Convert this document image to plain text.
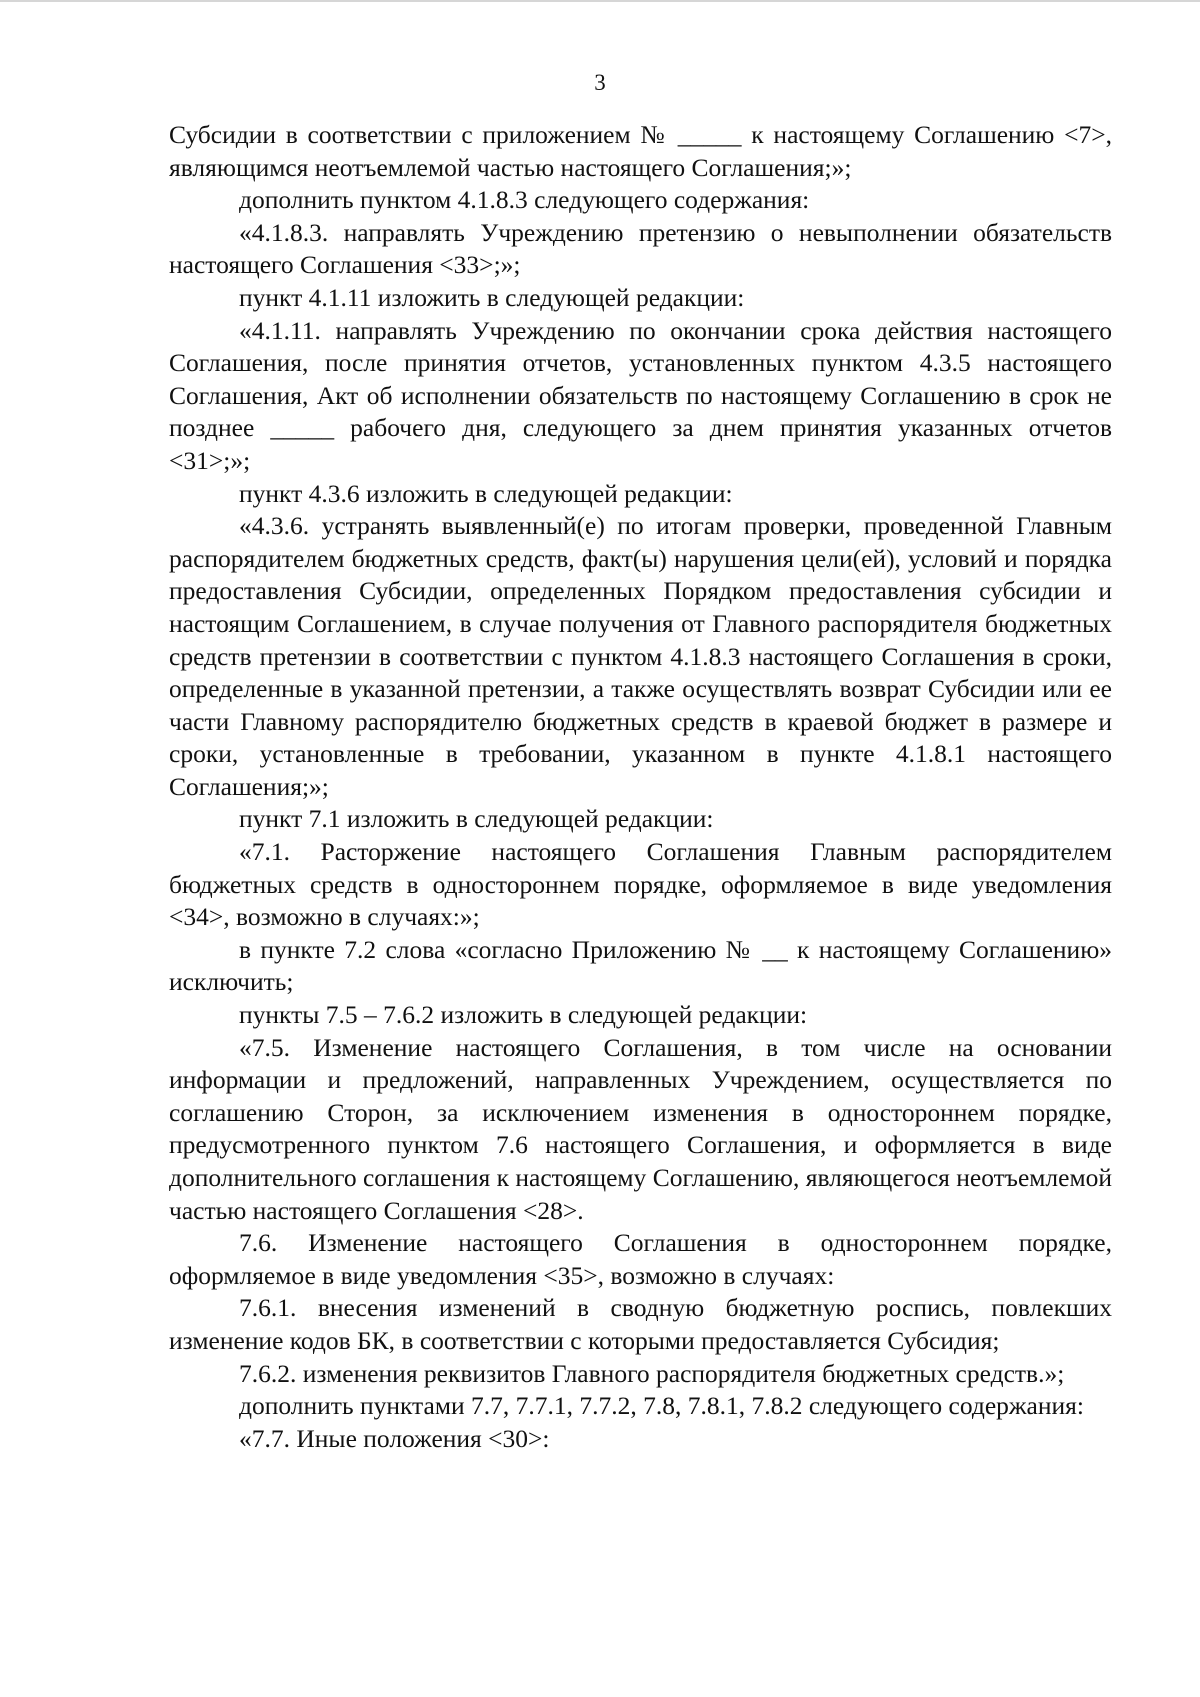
3

Субсидии в соответствии с приложением № _____ к настоящему Соглашению <7>, являющимся неотъемлемой частью настоящего Соглашения;»;

дополнить пунктом 4.1.8.3 следующего содержания:

«4.1.8.3. направлять Учреждению претензию о невыполнении обязательств настоящего Соглашения <33>;»;

пункт 4.1.11 изложить в следующей редакции:

«4.1.11. направлять Учреждению по окончании срока действия настоящего Соглашения, после принятия отчетов, установленных пунктом 4.3.5 настоящего Соглашения, Акт об исполнении обязательств по настоящему Соглашению в срок не позднее _____ рабочего дня, следующего за днем принятия указанных отчетов <31>;»;

пункт 4.3.6 изложить в следующей редакции:

«4.3.6. устранять выявленный(е) по итогам проверки, проведенной Главным распорядителем бюджетных средств, факт(ы) нарушения цели(ей), условий и порядка предоставления Субсидии, определенных Порядком предоставления субсидии и настоящим Соглашением, в случае получения от Главного распорядителя бюджетных средств претензии в соответствии с пунктом 4.1.8.3 настоящего Соглашения в сроки, определенные в указанной претензии, а также осуществлять возврат Субсидии или ее части Главному распорядителю бюджетных средств в краевой бюджет в размере и сроки, установленные в требовании, указанном в пункте 4.1.8.1 настоящего Соглашения;»;

пункт 7.1 изложить в следующей редакции:

«7.1. Расторжение настоящего Соглашения Главным распорядителем бюджетных средств в одностороннем порядке, оформляемое в виде уведомления <34>, возможно в случаях:»;

в пункте 7.2 слова «согласно Приложению № __ к настоящему Соглашению» исключить;

пункты 7.5 – 7.6.2 изложить в следующей редакции:

«7.5. Изменение настоящего Соглашения, в том числе на основании информации и предложений, направленных Учреждением, осуществляется по соглашению Сторон, за исключением изменения в одностороннем порядке, предусмотренного пунктом 7.6 настоящего Соглашения, и оформляется в виде дополнительного соглашения к настоящему Соглашению, являющегося неотъемлемой частью настоящего Соглашения <28>.

7.6. Изменение настоящего Соглашения в одностороннем порядке, оформляемое в виде уведомления <35>, возможно в случаях:

7.6.1. внесения изменений в сводную бюджетную роспись, повлекших изменение кодов БК, в соответствии с которыми предоставляется Субсидия;

7.6.2. изменения реквизитов Главного распорядителя бюджетных средств.»;

дополнить пунктами 7.7, 7.7.1, 7.7.2, 7.8, 7.8.1, 7.8.2 следующего содержания:

«7.7. Иные положения <30>:
